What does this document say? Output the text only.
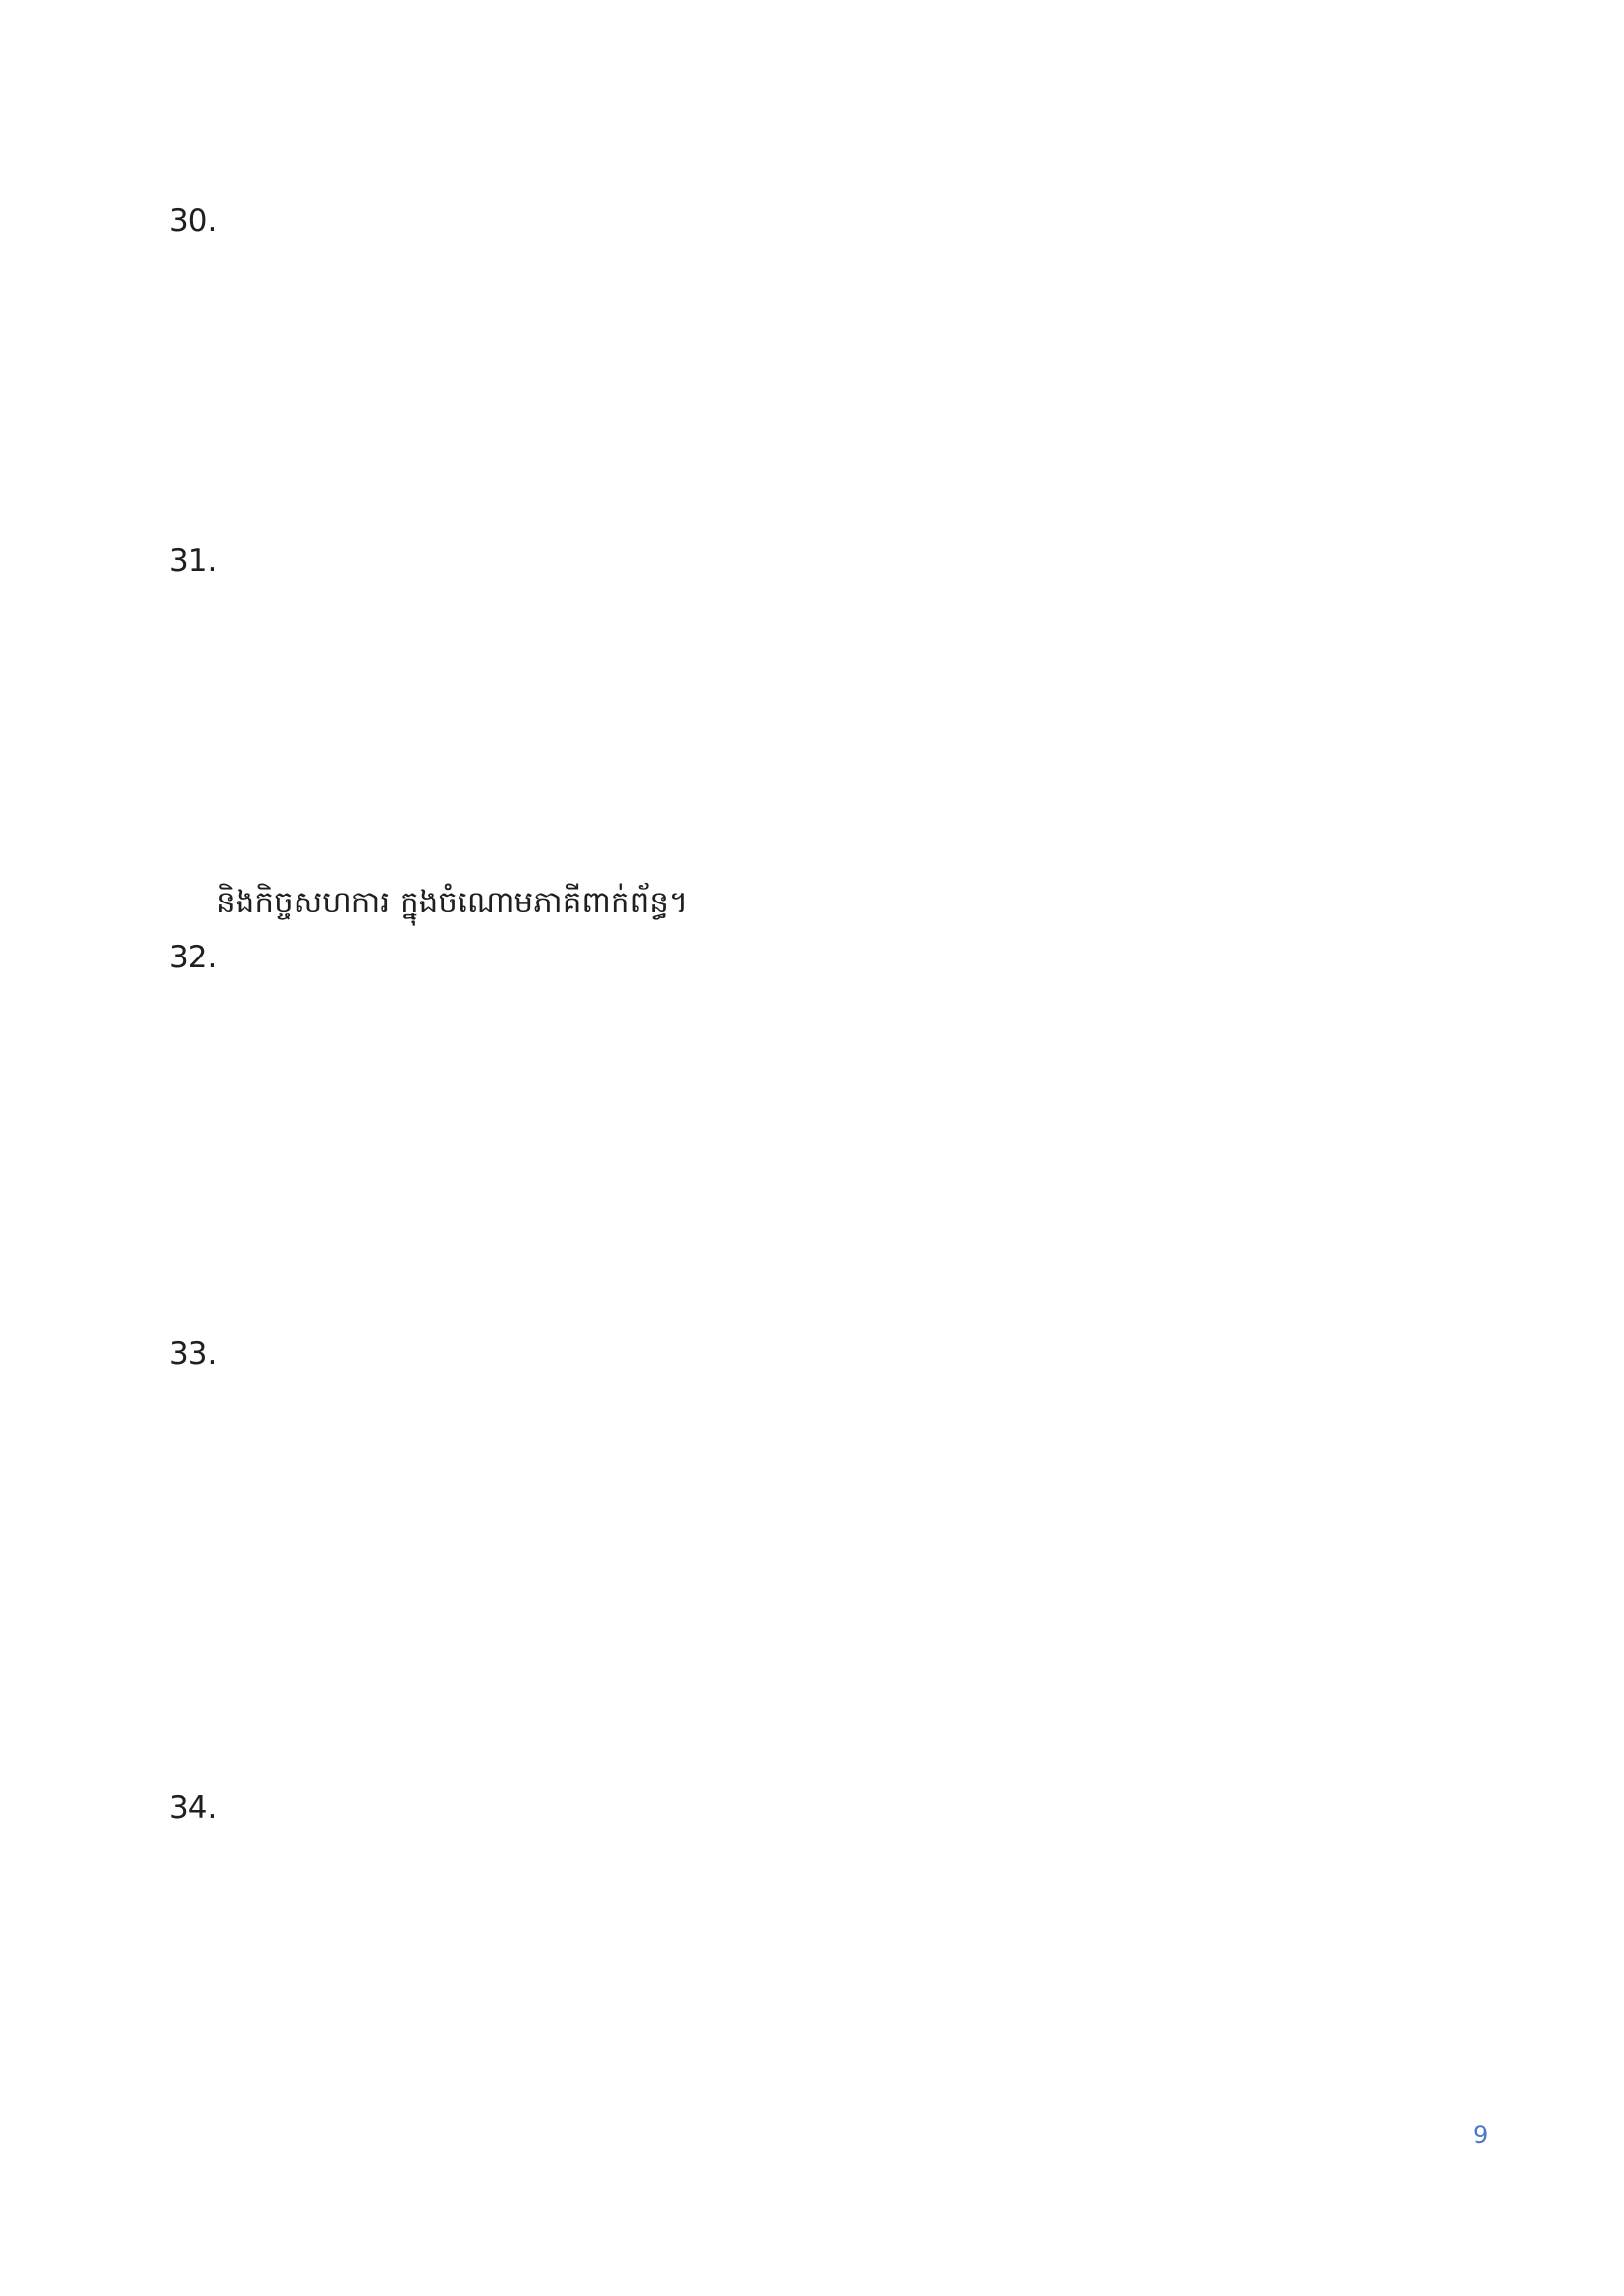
30.
31.
និងកិច្ចសហការ ក្នុងចំណោមភាគីពាក់ព័ន្ធ។
32.
33.
34.
9
